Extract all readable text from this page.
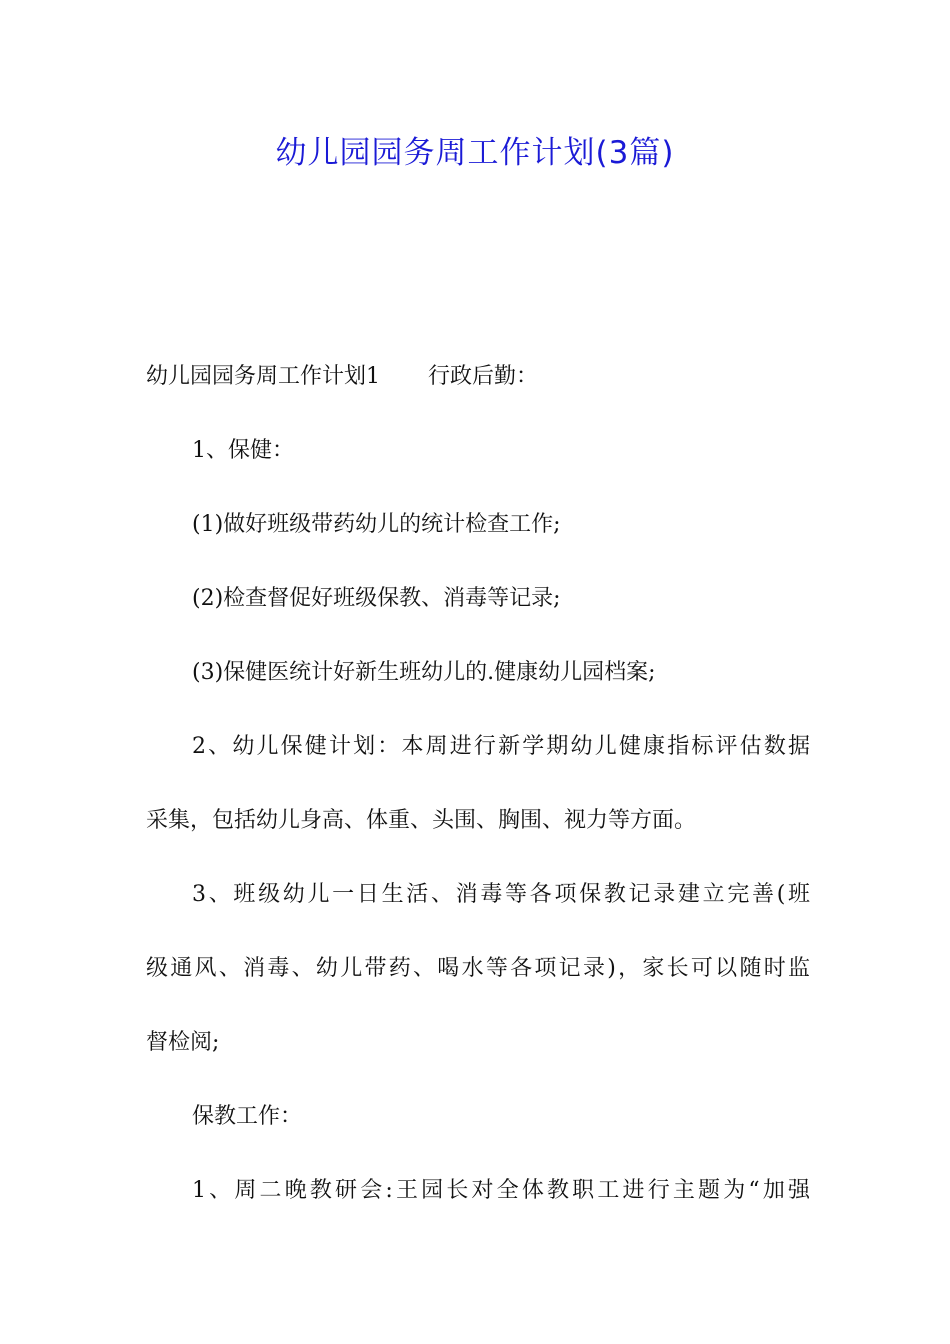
幼儿园园务周工作计划(3篇)
幼儿园园务周工作计划1 行政后勤：
1、保健：
(1)做好班级带药幼儿的统计检查工作;
(2)检查督促好班级保教、消毒等记录;
(3)保健医统计好新生班幼儿的.健康幼儿园档案;
2、幼儿保健计划：本周进行新学期幼儿健康指标评估数据
采集，包括幼儿身高、体重、头围、胸围、视力等方面。
3、班级幼儿一日生活、消毒等各项保教记录建立完善(班
级通风、消毒、幼儿带药、喝水等各项记录)，家长可以随时监
督检阅;
保教工作：
1、周二晚教研会:王园长对全体教职工进行主题为“加强
